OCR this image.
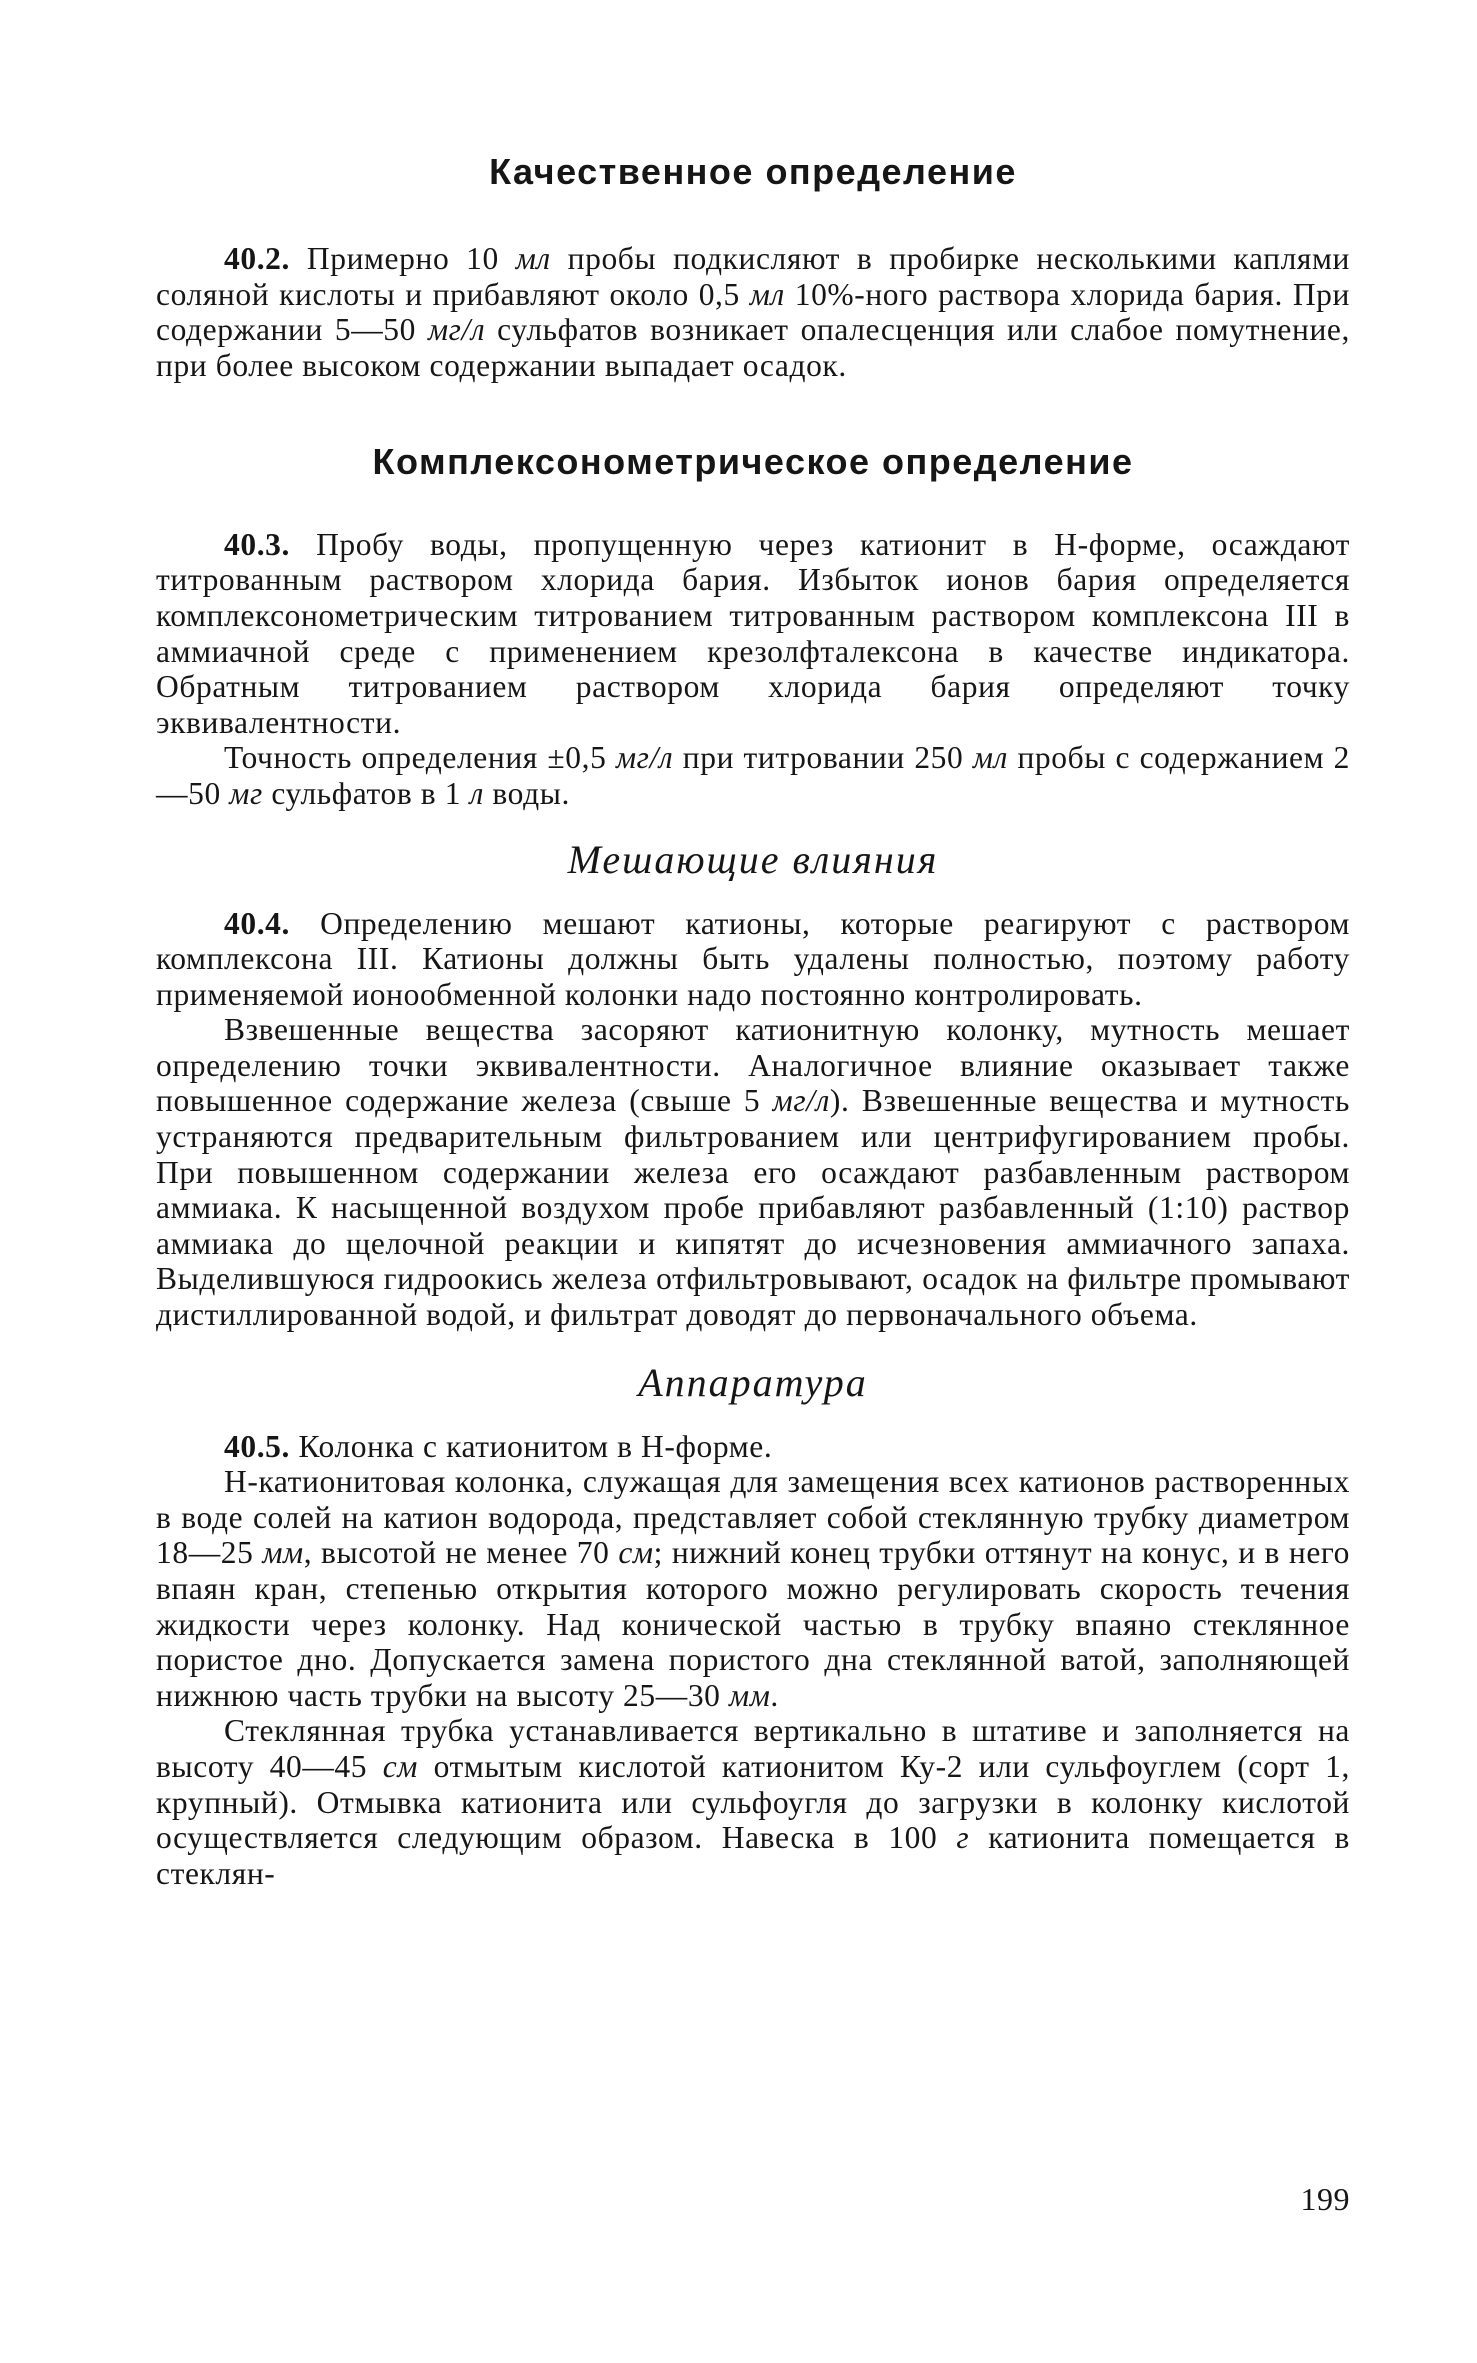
Качественное определение

40.2. Примерно 10 мл пробы подкисляют в пробирке несколькими каплями соляной кислоты и прибавляют около 0,5 мл 10%-ного раствора хлорида бария. При содержании 5—50 мг/л сульфатов возникает опалесценция или слабое помутнение, при более высоком содержании выпадает осадок.

Комплексонометрическое определение

40.3. Пробу воды, пропущенную через катионит в Н-форме, осаждают титрованным раствором хлорида бария. Избыток ионов бария определяется комплексонометрическим титрованием титрованным раствором комплексона III в аммиачной среде с применением крезолфталексона в качестве индикатора. Обратным титрованием раствором хлорида бария определяют точку эквивалентности.

Точность определения ±0,5 мг/л при титровании 250 мл пробы с содержанием 2—50 мг сульфатов в 1 л воды.

Мешающие влияния

40.4. Определению мешают катионы, которые реагируют с раствором комплексона III. Катионы должны быть удалены полностью, поэтому работу применяемой ионообменной колонки надо постоянно контролировать.

Взвешенные вещества засоряют катионитную колонку, мутность мешает определению точки эквивалентности. Аналогичное влияние оказывает также повышенное содержание железа (свыше 5 мг/л). Взвешенные вещества и мутность устраняются предварительным фильтрованием или центрифугированием пробы. При повышенном содержании железа его осаждают разбавленным раствором аммиака. К насыщенной воздухом пробе прибавляют разбавленный (1:10) раствор аммиака до щелочной реакции и кипятят до исчезновения аммиачного запаха. Выделившуюся гидроокись железа отфильтровывают, осадок на фильтре промывают дистиллированной водой, и фильтрат доводят до первоначального объема.

Аппаратура

40.5. Колонка с катионитом в Н-форме.

Н-катионитовая колонка, служащая для замещения всех катионов растворенных в воде солей на катион водорода, представляет собой стеклянную трубку диаметром 18—25 мм, высотой не менее 70 см; нижний конец трубки оттянут на конус, и в него впаян кран, степенью открытия которого можно регулировать скорость течения жидкости через колонку. Над конической частью в трубку впаяно стеклянное пористое дно. Допускается замена пористого дна стеклянной ватой, заполняющей нижнюю часть трубки на высоту 25—30 мм.

Стеклянная трубка устанавливается вертикально в штативе и заполняется на высоту 40—45 см отмытым кислотой катионитом Ку-2 или сульфоуглем (сорт 1, крупный). Отмывка катионита или сульфоугля до загрузки в колонку кислотой осуществляется следующим образом. Навеска в 100 г катионита помещается в стеклян-

199
